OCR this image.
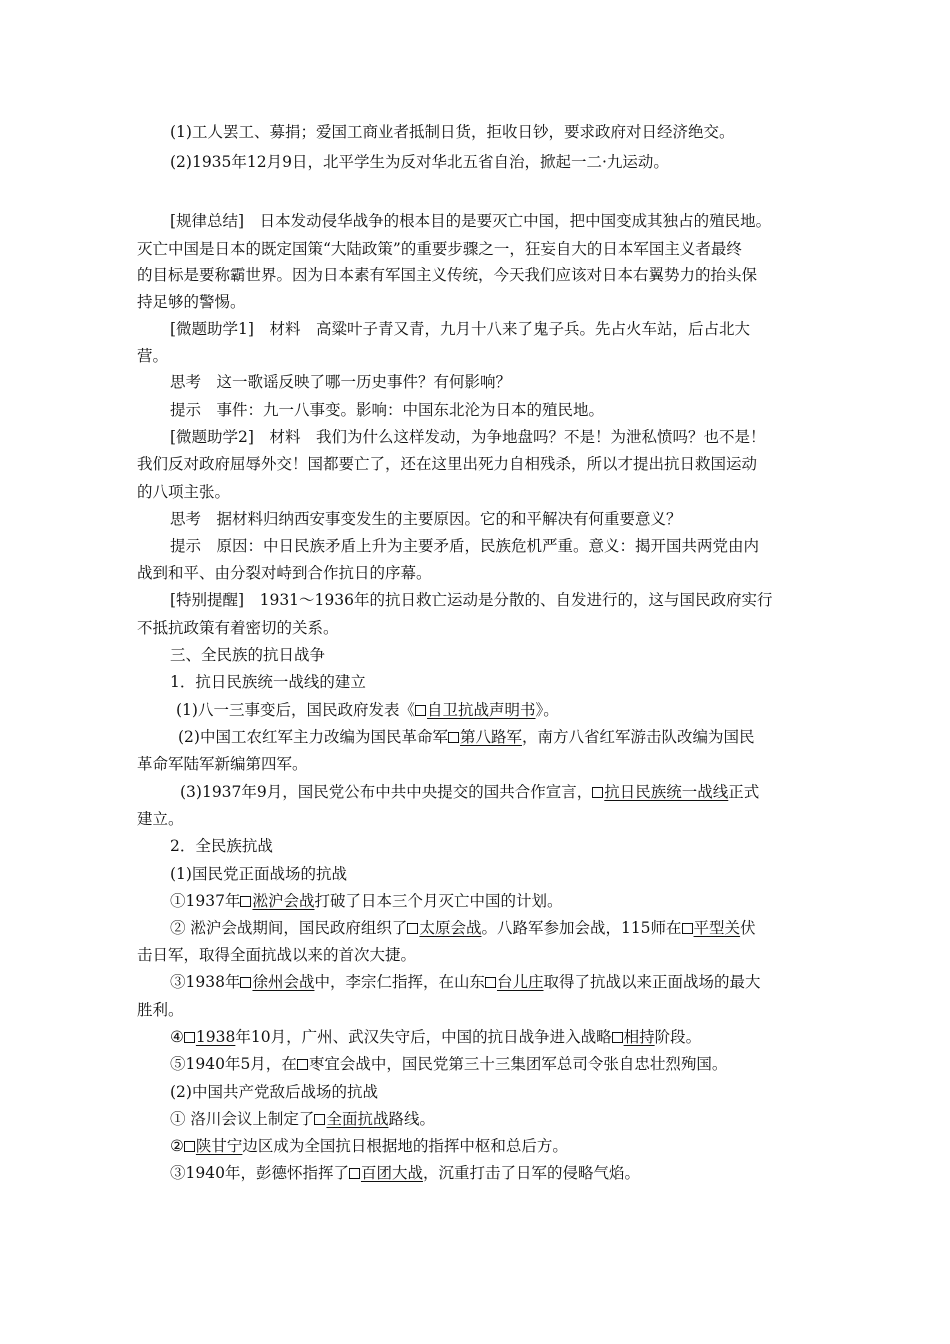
(1)工人罢工、募捐；爱国工商业者抵制日货，拒收日钞，要求政府对日经济绝交。
(2)1935年12月9日，北平学生为反对华北五省自治，掀起一二·九运动。
[规律总结]　日本发动侵华战争的根本目的是要灭亡中国，把中国变成其独占的殖民地。
灭亡中国是日本的既定国策“大陆政策”的重要步骤之一，狂妄自大的日本军国主义者最终
的目标是要称霸世界。因为日本素有军国主义传统，今天我们应该对日本右翼势力的抬头保
持足够的警惕。
[微题助学1]　材料　高粱叶子青又青，九月十八来了鬼子兵。先占火车站，后占北大
营。
思考　这一歌谣反映了哪一历史事件？有何影响？
提示　事件：九一八事变。影响：中国东北沦为日本的殖民地。
[微题助学2]　材料　我们为什么这样发动，为争地盘吗？不是！为泄私愤吗？也不是！
我们反对政府屈辱外交！国都要亡了，还在这里出死力自相残杀，所以才提出抗日救国运动
的八项主张。
思考　据材料归纳西安事变发生的主要原因。它的和平解决有何重要意义？
提示　原因：中日民族矛盾上升为主要矛盾，民族危机严重。意义：揭开国共两党由内
战到和平、由分裂对峙到合作抗日的序幕。
[特别提醒]　1931～1936年的抗日救亡运动是分散的、自发进行的，这与国民政府实行
不抵抗政策有着密切的关系。
三、全民族的抗日战争
1．抗日民族统一战线的建立
(1)八一三事变后，国民政府发表《 自卫抗战声明书》。
(2)中国工农红军主力改编为国民革命军 第八路军，南方八省红军游击队改编为国民
革命军陆军新编第四军。
(3)1937年9月，国民党公布中共中央提交的国共合作宣言， 抗日民族统一战线正式
建立。
2．全民族抗战
(1)国民党正面战场的抗战
①1937年 淞沪会战打破了日本三个月灭亡中国的计划。
② 淞沪会战期间，国民政府组织了 太原会战。八路军参加会战，115师在 平型关伏
击日军，取得全面抗战以来的首次大捷。
③1938年 徐州会战中，李宗仁指挥，在山东 台儿庄取得了抗战以来正面战场的最大
胜利。
④ 1938年10月，广州、武汉失守后，中国的抗日战争进入战略 相持阶段。
⑤1940年5月，在 枣宜会战中，国民党第三十三集团军总司令张自忠壮烈殉国。
(2)中国共产党敌后战场的抗战
① 洛川会议上制定了 全面抗战路线。
② 陕甘宁边区成为全国抗日根据地的指挥中枢和总后方。
③1940年，彭德怀指挥了 百团大战，沉重打击了日军的侵略气焰。
